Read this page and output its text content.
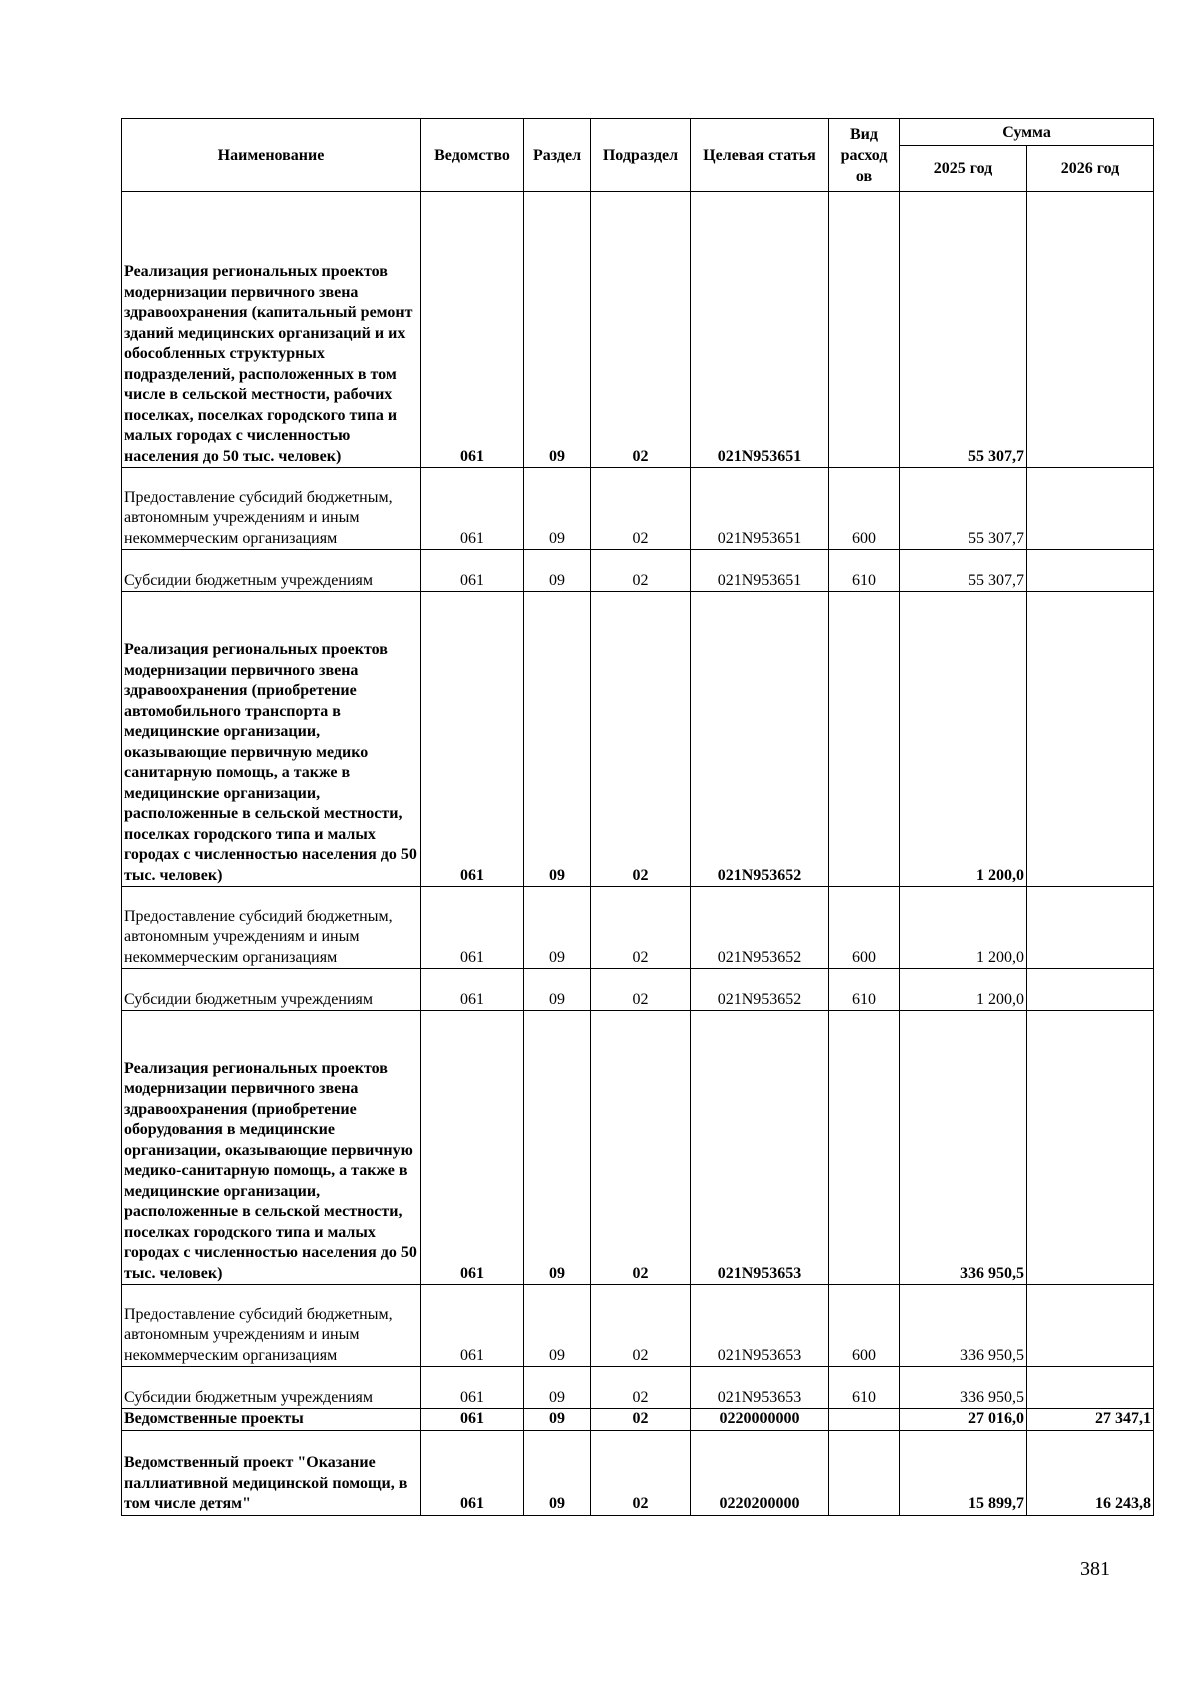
Наименование	Ведомство	Раздел	Подраздел	Целевая статья	Вид расход ов	Сумма	
						2025 год	2026 год
Реализация региональных проектов модернизации первичного звена здравоохранения (капитальный ремонт зданий медицинских организаций и их обособленных структурных подразделений, расположенных в том числе в сельской местности, рабочих поселках, поселках городского типа и малых городах с численностью населения до 50 тыс. человек)	061	09	02	021N953651		55 307,7	
Предоставление субсидий бюджетным, автономным учреждениям и иным некоммерческим организациям	061	09	02	021N953651	600	55 307,7	
Субсидии бюджетным учреждениям	061	09	02	021N953651	610	55 307,7	
Реализация региональных проектов модернизации первичного звена здравоохранения (приобретение автомобильного транспорта в медицинские организации, оказывающие первичную медико санитарную помощь, а также в медицинские организации, расположенные в сельской местности, поселках городского типа и малых городах с численностью населения до 50 тыс. человек)	061	09	02	021N953652		1 200,0	
Предоставление субсидий бюджетным, автономным учреждениям и иным некоммерческим организациям	061	09	02	021N953652	600	1 200,0	
Субсидии бюджетным учреждениям	061	09	02	021N953652	610	1 200,0	
Реализация региональных проектов модернизации первичного звена здравоохранения (приобретение оборудования в медицинские организации, оказывающие первичную медико-санитарную помощь, а также в медицинские организации, расположенные в сельской местности, поселках городского типа и малых городах с численностью населения до 50 тыс. человек)	061	09	02	021N953653		336 950,5	
Предоставление субсидий бюджетным, автономным учреждениям и иным некоммерческим организациям	061	09	02	021N953653	600	336 950,5	
Субсидии бюджетным учреждениям	061	09	02	021N953653	610	336 950,5	
Ведомственные проекты	061	09	02	0220000000		27 016,0	27 347,1
Ведомственный проект "Оказание паллиативной медицинской помощи, в том числе детям"	061	09	02	0220200000		15 899,7	16 243,8
381
